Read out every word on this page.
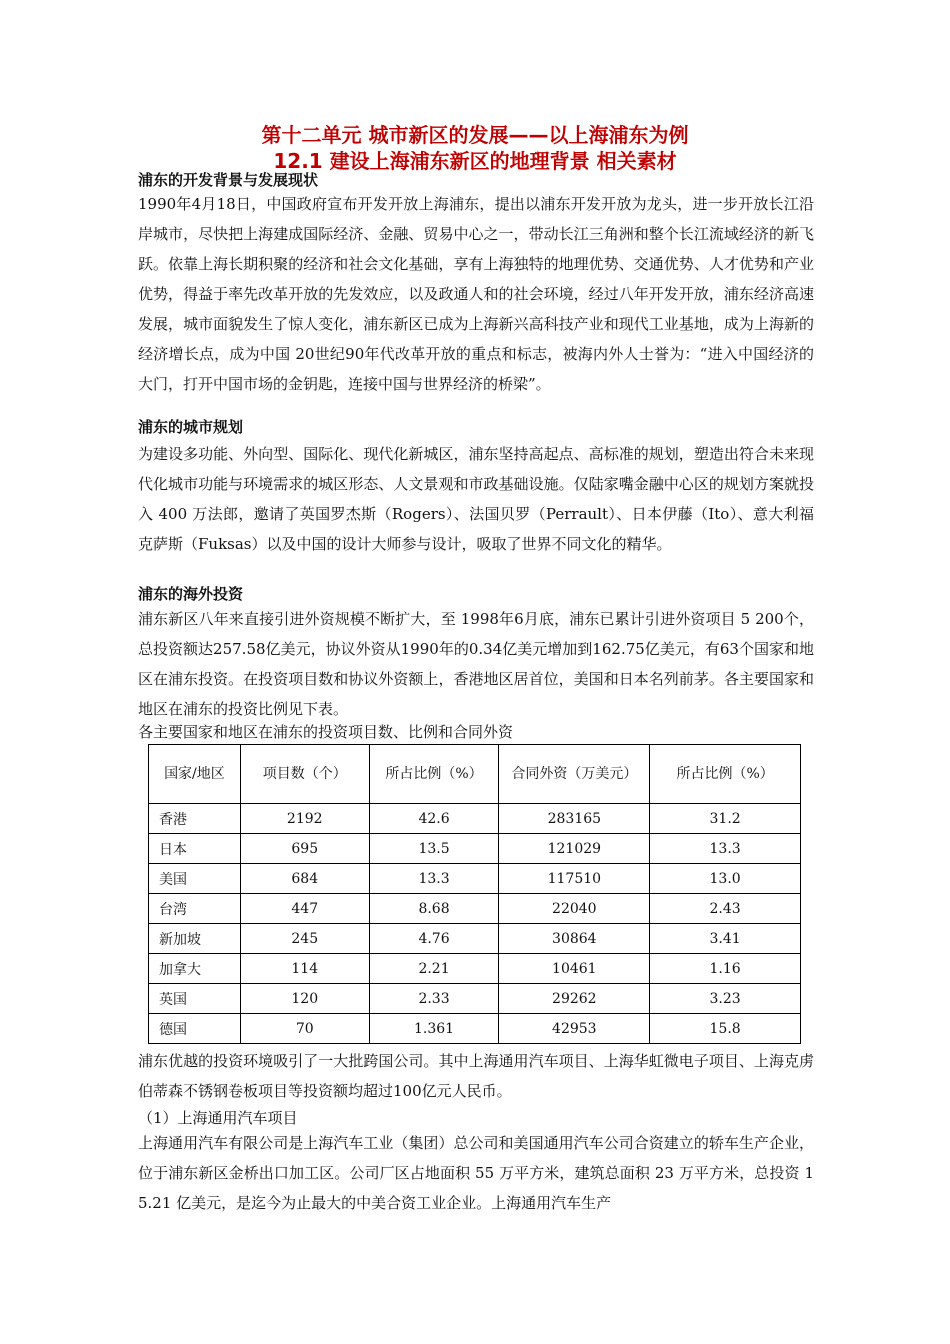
第十二单元 城市新区的发展——以上海浦东为例
12.1 建设上海浦东新区的地理背景 相关素材
浦东的开发背景与发展现状

1990年4月18日，中国政府宣布开发开放上海浦东，提出以浦东开发开放为龙头，进一步开放长江沿岸城市，尽快把上海建成国际经济、金融、贸易中心之一，带动长江三角洲和整个长江流域经济的新飞跃。依靠上海长期积聚的经济和社会文化基础，享有上海独特的地理优势、交通优势、人才优势和产业优势，得益于率先改革开放的先发效应，以及政通人和的社会环境，经过八年开发开放，浦东经济高速发展，城市面貌发生了惊人变化，浦东新区已成为上海新兴高科技产业和现代工业基地，成为上海新的经济增长点，成为中国 20世纪90年代改革开放的重点和标志，被海内外人士誉为：“进入中国经济的大门，打开中国市场的金钥匙，连接中国与世界经济的桥梁”。

浦东的城市规划

为建设多功能、外向型、国际化、现代化新城区，浦东坚持高起点、高标准的规划，塑造出符合未来现代化城市功能与环境需求的城区形态、人文景观和市政基础设施。仅陆家嘴金融中心区的规划方案就投入 400 万法郎，邀请了英国罗杰斯（Rogers）、法国贝罗（Perrault）、日本伊藤（Ito）、意大利福克萨斯（Fuksas）以及中国的设计大师参与设计，吸取了世界不同文化的精华。

浦东的海外投资

浦东新区八年来直接引进外资规模不断扩大，至 1998年6月底，浦东已累计引进外资项目 5 200个，总投资额达257.58亿美元，协议外资从1990年的0.34亿美元增加到162.75亿美元，有63个国家和地区在浦东投资。在投资项目数和协议外资额上，香港地区居首位，美国和日本名列前茅。各主要国家和地区在浦东的投资比例见下表。

各主要国家和地区在浦东的投资项目数、比例和合同外资
国家/地区	项目数（个）	所占比例（%）	合同外资（万美元）	所占比例（%）
香港	2192	42.6	283165	31.2
日本	695	13.5	121029	13.3
美国	684	13.3	117510	13.0
台湾	447	8.68	22040	2.43
新加坡	245	4.76	30864	3.41
加拿大	114	2.21	10461	1.16
英国	120	2.33	29262	3.23
德国	70	1.361	42953	15.8

浦东优越的投资环境吸引了一大批跨国公司。其中上海通用汽车项目、上海华虹微电子项目、上海克虏伯蒂森不锈钢卷板项目等投资额均超过100亿元人民币。

（1）上海通用汽车项目

上海通用汽车有限公司是上海汽车工业（集团）总公司和美国通用汽车公司合资建立的轿车生产企业，位于浦东新区金桥出口加工区。公司厂区占地面积 55 万平方米，建筑总面积 23 万平方米，总投资 15.21 亿美元，是迄今为止最大的中美合资工业企业。上海通用汽车生产
